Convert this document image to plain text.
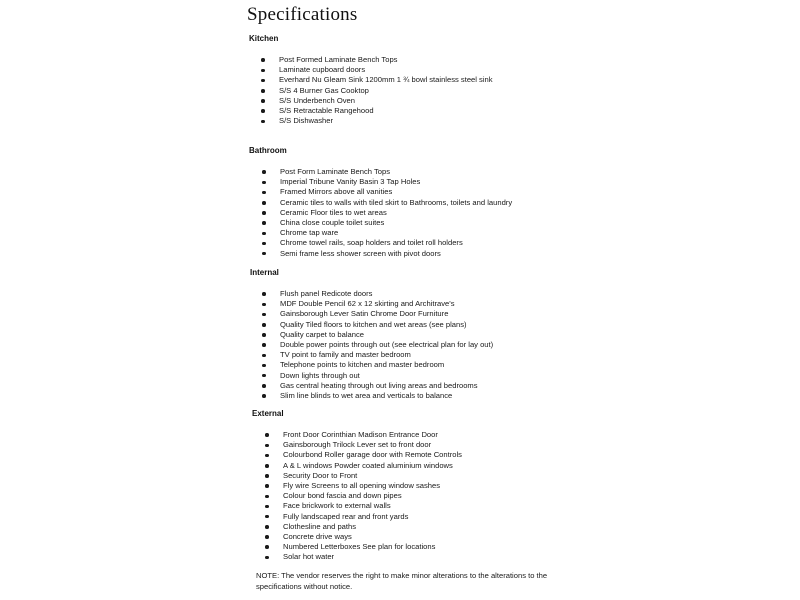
Specifications
Kitchen
Post Formed Laminate Bench Tops
Laminate cupboard doors
Everhard Nu Gleam Sink 1200mm 1 ¾ bowl stainless steel sink
S/S 4 Burner Gas Cooktop
S/S Underbench Oven
S/S Retractable Rangehood
S/S Dishwasher
Bathroom
Post Form Laminate Bench Tops
Imperial Tribune Vanity Basin 3 Tap Holes
Framed Mirrors above all vanities
Ceramic tiles to walls with tiled skirt to Bathrooms, toilets and laundry
Ceramic Floor tiles to wet areas
China close couple toilet suites
Chrome tap ware
Chrome towel rails, soap holders and toilet roll holders
Semi frame less shower screen with pivot doors
Internal
Flush panel Redicote doors
MDF Double Pencil 62 x 12 skirting and Architrave's
Gainsborough Lever Satin Chrome Door Furniture
Quality Tiled floors to kitchen and wet areas (see plans)
Quality carpet to balance
Double power points through out (see electrical plan for lay out)
TV point to family and master bedroom
Telephone points to kitchen and master bedroom
Down lights through out
Gas central heating through out living areas and bedrooms
Slim line blinds to wet area and verticals to balance
External
Front Door Corinthian Madison Entrance Door
Gainsborough Trilock Lever set to front door
Colourbond Roller garage door with Remote Controls
A & L windows Powder coated aluminium windows
Security Door to Front
Fly wire Screens to all opening window sashes
Colour bond fascia and down pipes
Face brickwork to external walls
Fully landscaped rear and front yards
Clothesline and paths
Concrete drive ways
Numbered Letterboxes See plan for locations
Solar hot water

NOTE: The vendor reserves the right to make minor alterations to the alterations to the specifications without notice.
